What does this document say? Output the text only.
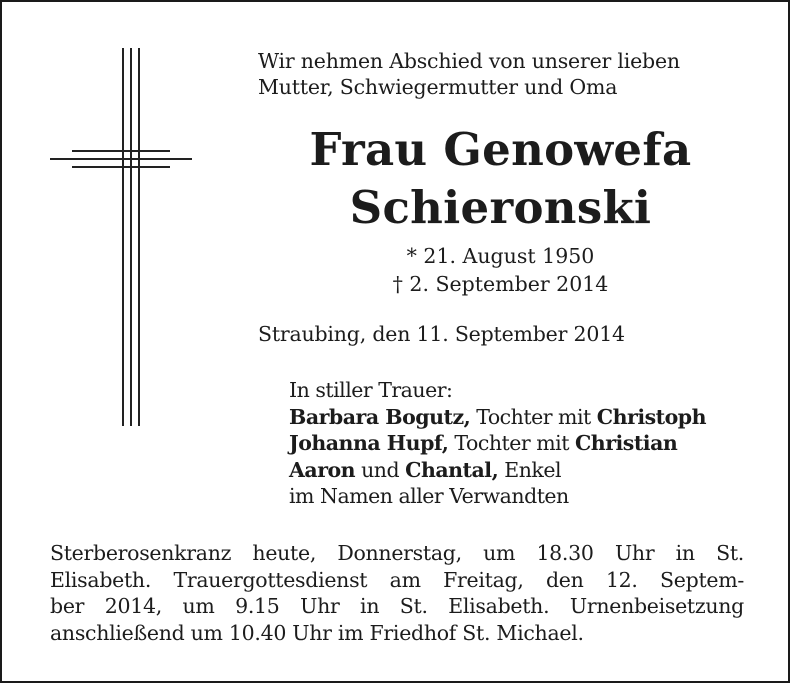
Wir nehmen Abschied von unserer lieben
Mutter, Schwiegermutter und Oma
Frau Genowefa
Schieronski
* 21. August 1950
† 2. September 2014
Straubing, den 11. September 2014
In stiller Trauer:
Barbara Bogutz, Tochter mit Christoph
Johanna Hupf, Tochter mit Christian
Aaron und Chantal, Enkel
im Namen aller Verwandten
Sterberosenkranz heute, Donnerstag, um 18.30 Uhr in St.
Elisabeth. Trauergottesdienst am Freitag, den 12. Septem-
ber 2014, um 9.15 Uhr in St. Elisabeth. Urnenbeisetzung
anschließend um 10.40 Uhr im Friedhof St. Michael.
